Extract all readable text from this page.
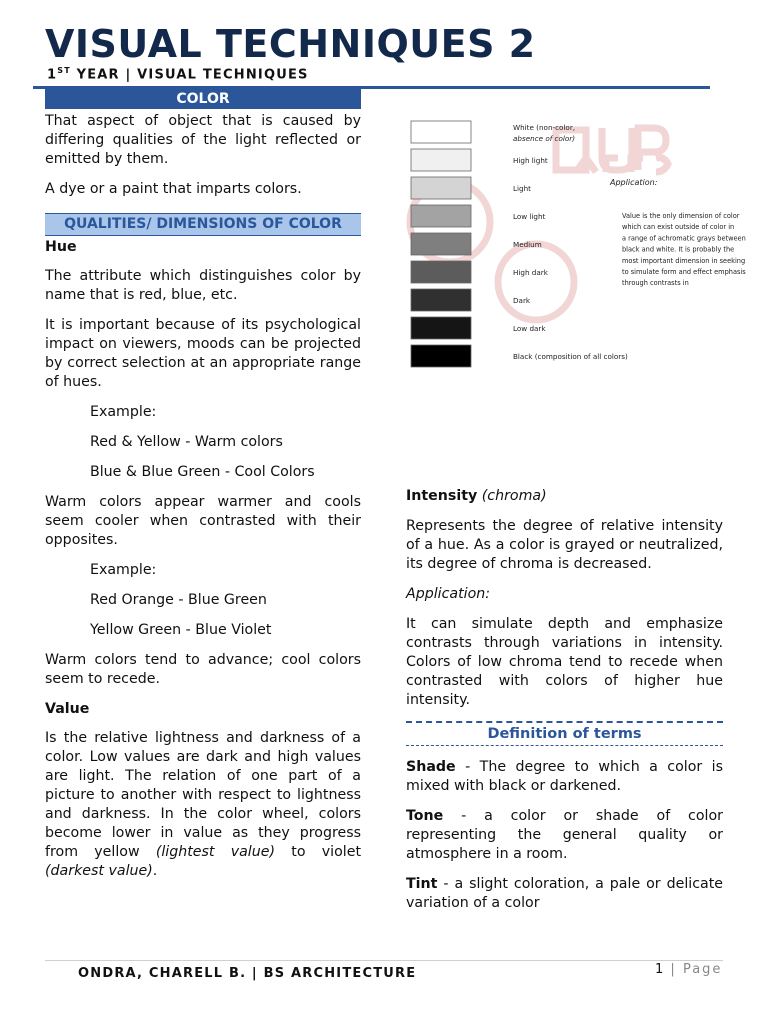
VISUAL TECHNIQUES 2
1ST YEAR | VISUAL TECHNIQUES
COLOR

That aspect of object that is caused by differing qualities of the light reflected or emitted by them.

A dye or a paint that imparts colors.

QUALITIES/ DIMENSIONS OF COLOR
Hue

The attribute which distinguishes color by name that is red, blue, etc.

It is important because of its psychological impact on viewers, moods can be projected by correct selection at an appropriate range of hues.

Example:

Red & Yellow - Warm colors

Blue & Blue Green - Cool Colors

Warm colors appear warmer and cools seem cooler when contrasted with their opposites.

Example:

Red Orange - Blue Green

Yellow Green - Blue Violet

Warm colors tend to advance; cool colors seem to recede.

Value

Is the relative lightness and darkness of a color. Low values are dark and high values are light. The relation of one part of a picture to another with respect to lightness and darkness. In the color wheel, colors become lower in value as they progress from yellow (lightest value) to violet (darkest value).

White (non-color, absence of color)
High light
Light
Low light
Medium
High dark
Dark
Low dark
Black (composition of all colors)
Application:
Value is the only dimension of color which can exist outside of color in a range of achromatic grays between black and white. It is probably the most important dimension in seeking to simulate form and effect emphasis through contrasts in

Intensity (chroma)

Represents the degree of relative intensity of a hue. As a color is grayed or neutralized, its degree of chroma is decreased.

Application:

It can simulate depth and emphasize contrasts through variations in intensity. Colors of low chroma tend to recede when contrasted with colors of higher hue intensity.

Definition of terms

Shade - The degree to which a color is mixed with black or darkened.

Tone - a color or shade of color representing the general quality or atmosphere in a room.

Tint - a slight coloration, a pale or delicate variation of a color

ONDRA, CHARELL B. | BS ARCHITECTURE	1 | Page
